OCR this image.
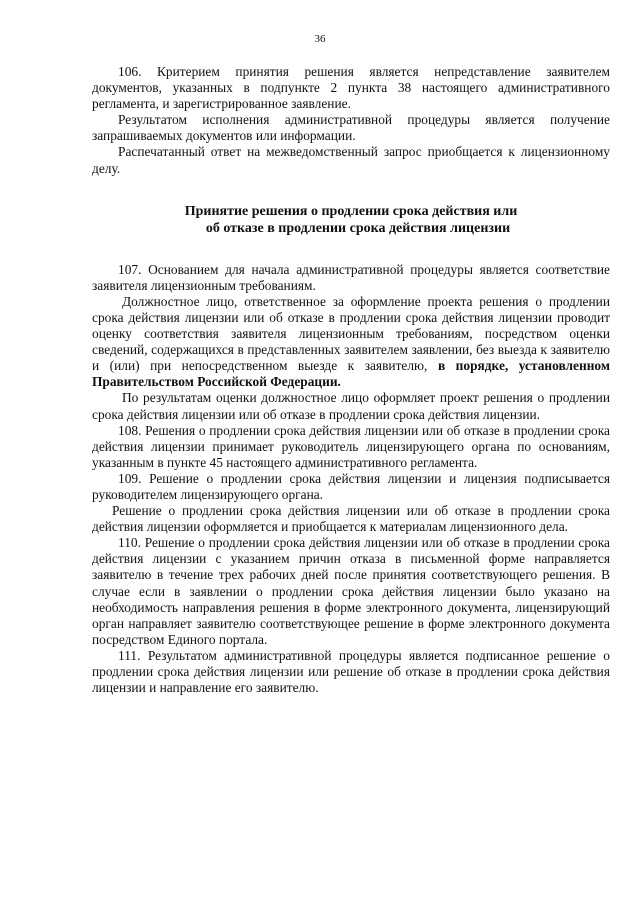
36

106. Критерием принятия решения является непредставление заявителем документов, указанных в подпункте 2 пункта 38 настоящего административного регламента, и зарегистрированное заявление.

Результатом исполнения административной процедуры является получение запрашиваемых документов или информации.

Распечатанный ответ на межведомственный запрос приобщается к лицензионному делу.

Принятие решения о продлении срока действия или
об отказе в продлении срока действия лицензии

107. Основанием для начала административной процедуры является соответствие заявителя лицензионным требованиям.

Должностное лицо, ответственное за оформление проекта решения о продлении срока действия лицензии или об отказе в продлении срока действия лицензии проводит оценку соответствия заявителя лицензионным требованиям, посредством оценки сведений, содержащихся в представленных заявителем заявлении, без выезда к заявителю и (или) при непосредственном выезде к заявителю, в порядке, установленном Правительством Российской Федерации.

По результатам оценки должностное лицо оформляет проект решения о продлении срока действия лицензии или об отказе в продлении срока действия лицензии.

108. Решения о продлении срока действия лицензии или об отказе в продлении срока действия лицензии принимает руководитель лицензирующего органа по основаниям, указанным в пункте 45 настоящего административного регламента.

109. Решение о продлении срока действия лицензии и лицензия подписывается руководителем лицензирующего органа.

Решение о продлении срока действия лицензии или об отказе в продлении срока действия лицензии оформляется и приобщается к материалам лицензионного дела.

110. Решение о продлении срока действия лицензии или об отказе в продлении срока действия лицензии с указанием причин отказа в письменной форме направляется заявителю в течение трех рабочих дней после принятия соответствующего решения. В случае если в заявлении о продлении срока действия лицензии было указано на необходимость направления решения в форме электронного документа, лицензирующий орган направляет заявителю соответствующее решение в форме электронного документа посредством Единого портала.

111. Результатом административной процедуры является подписанное решение о продлении срока действия лицензии или решение об отказе в продлении срока действия лицензии и направление его заявителю.
